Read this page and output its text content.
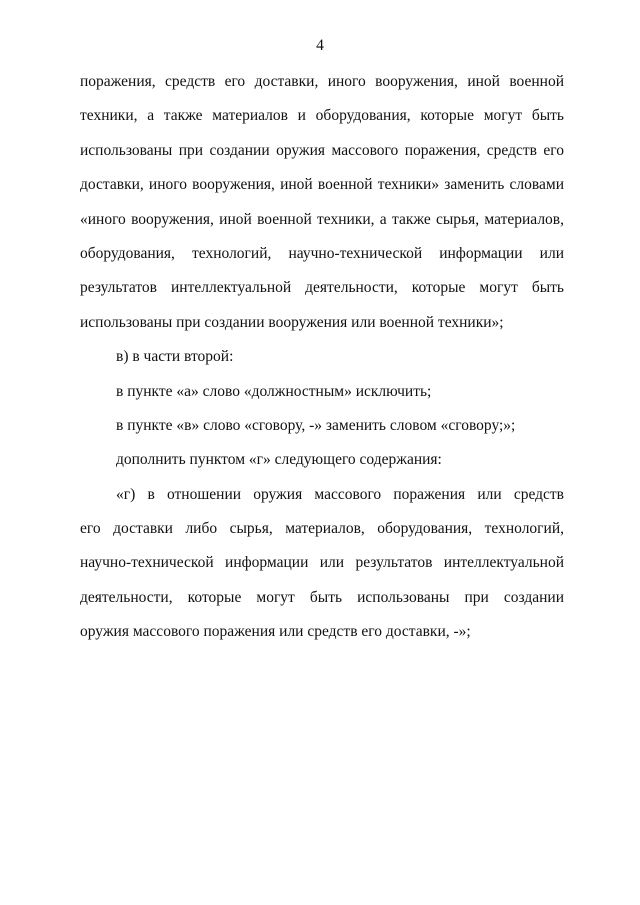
4
поражения, средств его доставки, иного вооружения, иной военной
техники, а также материалов и оборудования, которые могут быть
использованы при создании оружия массового поражения, средств его
доставки, иного вооружения, иной военной техники» заменить словами
«иного вооружения, иной военной техники, а также сырья, материалов,
оборудования, технологий, научно-технической информации или
результатов интеллектуальной деятельности, которые могут быть
использованы при создании вооружения или военной техники»;
в) в части второй:
в пункте «а» слово «должностным» исключить;
в пункте «в» слово «сговору, -» заменить словом «сговору;»;
дополнить пунктом «г» следующего содержания:
«г) в отношении оружия массового поражения или средств
его доставки либо сырья, материалов, оборудования, технологий,
научно-технической информации или результатов интеллектуальной
деятельности, которые могут быть использованы при создании
оружия массового поражения или средств его доставки, -»;
